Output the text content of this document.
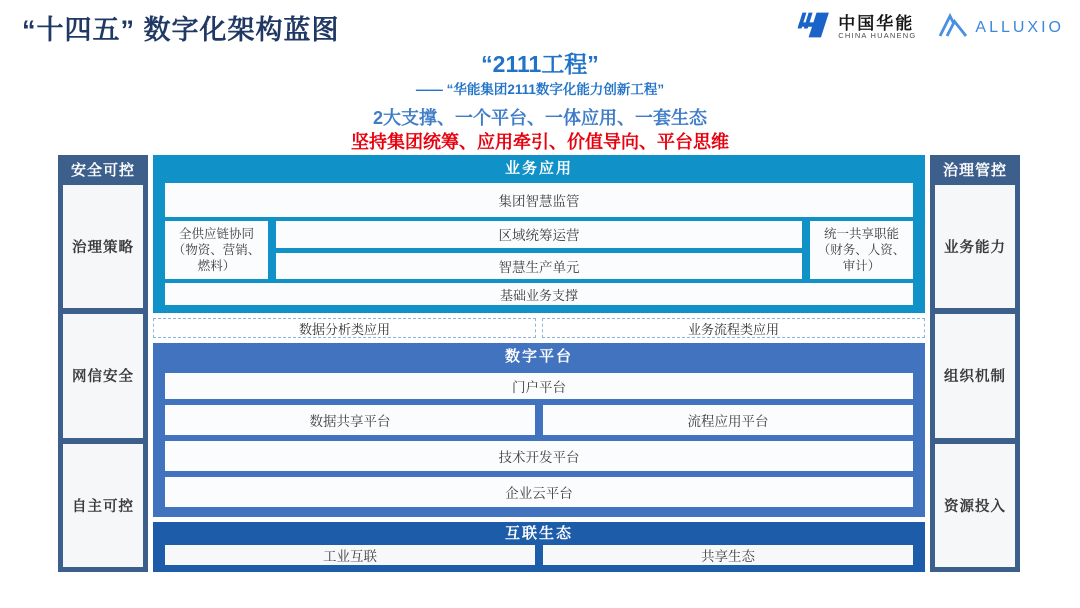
“十四五” 数字化架构蓝图	中国华能
CHINA HUANENG
ALLUXIO
“2111工程”
—— “华能集团2111数字化能力创新工程”
2大支撑、一个平台、一体应用、一套生态
坚持集团统筹、应用牵引、价值导向、平台思维
安全可控
治理策略
网信安全
自主可控
业务应用
集团智慧监管
全供应链协同
（物资、营销、燃料）
区域统筹运营
智慧生产单元
统一共享职能
（财务、人资、审计）
基础业务支撑
数据分析类应用	业务流程类应用
数字平台
门户平台
数据共享平台	流程应用平台
技术开发平台
企业云平台
互联生态
工业互联	共享生态
治理管控
业务能力
组织机制
资源投入
